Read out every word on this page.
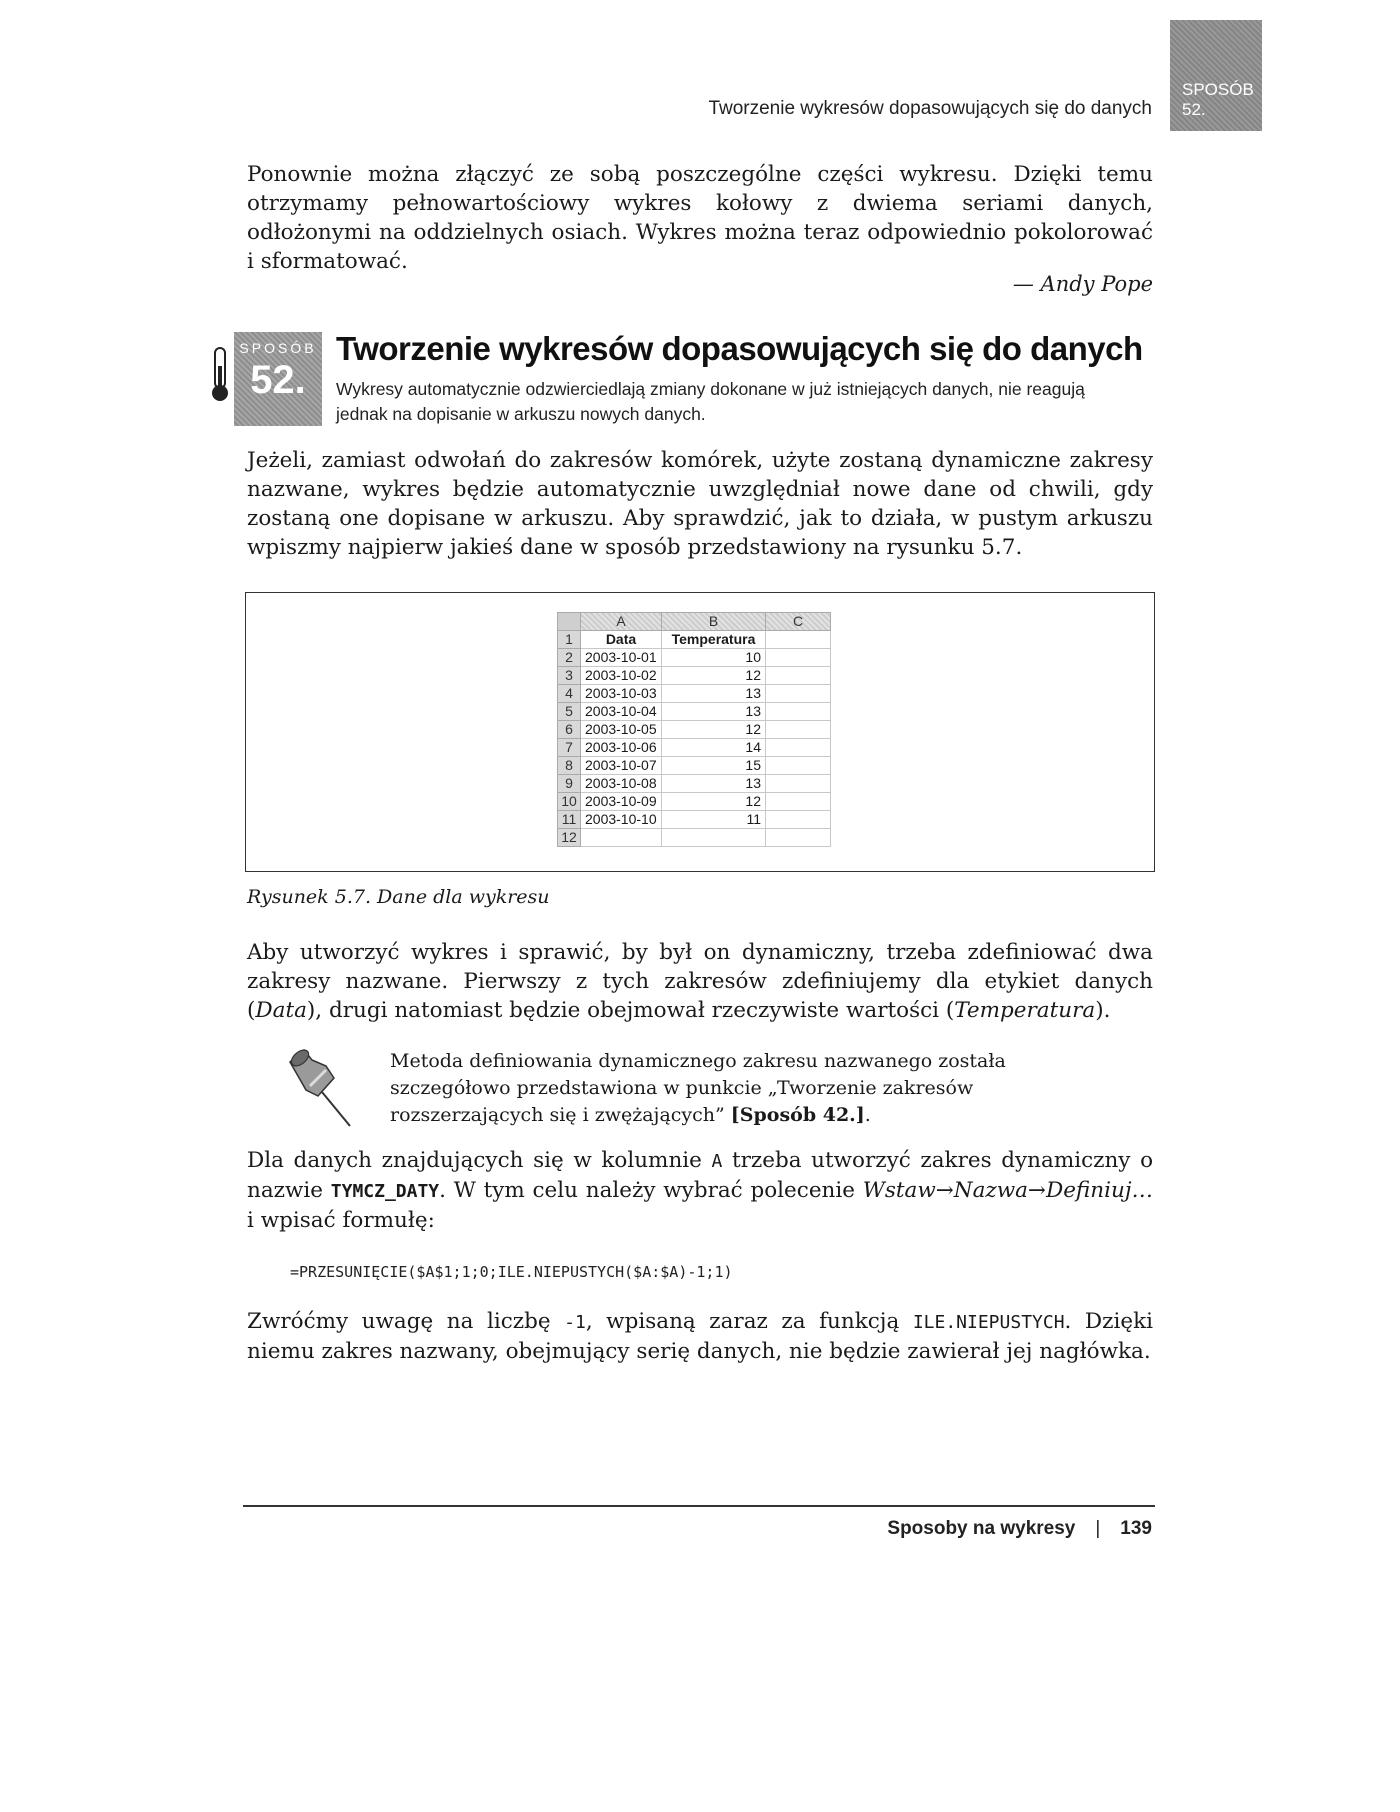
Tworzenie wykresów dopasowujących się do danych
SPOSÓB
52.
Ponownie można złączyć ze sobą poszczególne części wykresu. Dzięki temu otrzymamy pełnowartościowy wykres kołowy z dwiema seriami danych, odłożonymi na oddzielnych osiach. Wykres można teraz odpowiednio pokolorować i sformatować.
— Andy Pope
SPOSÓB
52.
Tworzenie wykresów dopasowujących się do danych
Wykresy automatycznie odzwierciedlają zmiany dokonane w już istniejących danych, nie reagują jednak na dopisanie w arkuszu nowych danych.
Jeżeli, zamiast odwołań do zakresów komórek, użyte zostaną dynamiczne zakresy nazwane, wykres będzie automatycznie uwzględniał nowe dane od chwili, gdy zostaną one dopisane w arkuszu. Aby sprawdzić, jak to działa, w pustym arkuszu wpiszmy najpierw jakieś dane w sposób przedstawiony na rysunku 5.7.
	A	B	C
1	Data	Temperatura	
2	2003-10-01	10	
3	2003-10-02	12	
4	2003-10-03	13	
5	2003-10-04	13	
6	2003-10-05	12	
7	2003-10-06	14	
8	2003-10-07	15	
9	2003-10-08	13	
10	2003-10-09	12	
11	2003-10-10	11	
12			
Rysunek 5.7. Dane dla wykresu
Aby utworzyć wykres i sprawić, by był on dynamiczny, trzeba zdefiniować dwa zakresy nazwane. Pierwszy z tych zakresów zdefiniujemy dla etykiet danych (Data), drugi natomiast będzie obejmował rzeczywiste wartości (Temperatura).
Metoda definiowania dynamicznego zakresu nazwanego została szczegółowo przedstawiona w punkcie „Tworzenie zakresów rozszerzających się i zwężających” [Sposób 42.].
Dla danych znajdujących się w kolumnie A trzeba utworzyć zakres dynamiczny o nazwie TYMCZ_DATY. W tym celu należy wybrać polecenie Wstaw→Nazwa→Definiuj… i wpisać formułę:
=PRZESUNIĘCIE($A$1;1;0;ILE.NIEPUSTYCH($A:$A)-1;1)
Zwróćmy uwagę na liczbę -1, wpisaną zaraz za funkcją ILE.NIEPUSTYCH. Dzięki niemu zakres nazwany, obejmujący serię danych, nie będzie zawierał jej nagłówka.
Sposoby na wykresy | 139
